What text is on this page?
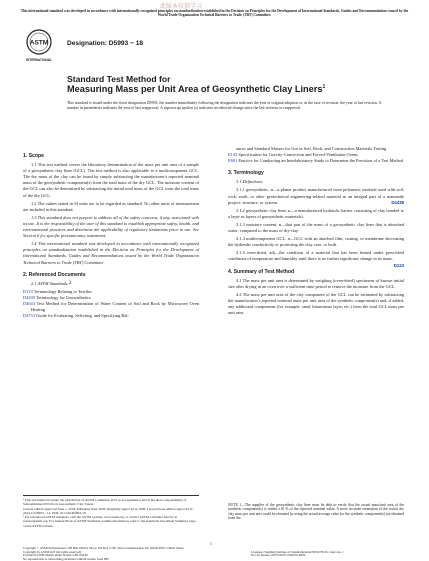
此版本仅供学习
This international standard was developed in accordance with internationally recognized principles on standardization established in the Decision on Principles for the Development of International Standards, Guides and Recommendations issued by the World Trade Organization Technical Barriers to Trade (TBT) Committee.
ASTM
INTERNATIONAL
Designation: D5993 − 18
Standard Test Method for
Measuring Mass per Unit Area of Geosynthetic Clay Liners$^1$
This standard is issued under the fixed designation D5993; the number immediately following the designation indicates the year of original adoption or, in the case of revision, the year of last revision. A number in parentheses indicates the year of last reapproval. A superscript epsilon (ε) indicates an editorial change since the last revision or reapproval.
1. Scope

1.1 This test method covers the laboratory determination of the mass per unit area of a sample of a geosynthetic clay liner (GCL). The test method is also applicable to a multicomponent GCL. The dry mass of the clay can be found by simply subtracting the manufacturer's reported nominal mass of the geosynthetic component(s) from the total mass of the dry GCL. The moisture content of the GCL can also be determined by subtracting the initial total mass of the GCL from the total mass of the dry GCL.

1.2 The values stated in SI units are to be regarded as standard. No other units of measurement are included in this standard.

1.3 This standard does not purport to address all of the safety concerns, if any, associated with its use. It is the responsibility of the user of this standard to establish appropriate safety, health, and environmental practices and determine the applicability of regulatory limitations prior to use. See Section 6 for specific precautionary statements.

1.4 This international standard was developed in accordance with internationally recognized principles on standardization established in the Decision on Principles for the Development of International Standards, Guides and Recommendations issued by the World Trade Organization Technical Barriers to Trade (TBT) Committee.

2. Referenced Documents

2.1 ASTM Standards:2

D123 Terminology Relating to Textiles

D4439 Terminology for Geosynthetics

D4643 Test Method for Determination of Water Content of Soil and Rock by Microwave Oven Heating

D4753 Guide for Evaluating, Selecting, and Specifying Bal-

¹ This test method is under the jurisdiction of ASTM Committee D35 on Geosynthetics and is the direct responsibility of Subcommittee D35.04 on Geosynthetic Clay Liners.
Current edition approved June 1, 2018. Published June 2018. Originally approved in 1996. Last previous edition approved in 2014 as D5993 – 14. DOI: 10.1520/D5993-18.
² For referenced ASTM standards, visit the ASTM website, www.astm.org, or contact ASTM Customer Service at service@astm.org. For Annual Book of ASTM Standards volume information, refer to the standard's Document Summary page on the ASTM website.

ances and Standard Masses for Use in Soil, Rock, and Construction Materials Testing

E145 Specification for Gravity-Convection and Forced-Ventilation Ovens

E691 Practice for Conducting an Interlaboratory Study to Determine the Precision of a Test Method

3. Terminology

3.1 Definitions:

3.1.1 geosynthetic, n—a planar product manufactured from polymeric material used with soil, rock, earth, or other geotechnical engineering-related material as an integral part of a manmade project, structure, or system.	D4439

3.1.2 geosynthetic clay liner, n—a manufactured hydraulic barrier consisting of clay bonded to a layer or layers of geosynthetic materials).

3.1.3 moisture content, n—that part of the mass of a geosynthetic clay liner that is absorbed water, compared to the mass of dry clay.

3.1.4 multicomponent GCL, n—GCL with an attached film, coating, or membrane decreasing the hydraulic conductivity or protecting the clay core, or both.

3.1.5 oven-dried, adj—the condition of a material that has been heated under prescribed conditions of temperature and humidity until there is no further significant change in its mass.
D123

4. Summary of Test Method

4.1 The mass per unit area is determined by weighing (oven-dried) specimens of known initial size after drying in an oven over a sufficient time period to remove the moisture from the GCL.

4.2 The mass per unit area of the clay component of the GCL can be estimated by subtracting the manufacturer's reported nominal mass per unit area of the synthetic component(s) and, if added, any additional components (for example, sand, bituminous layer, etc.) from the total GCL mass per unit area.

NOTE 1—The supplier of the geosynthetic clay liner must be able to verify that the actual mass/unit area of the synthetic component(s) is within ±10 % of the reported nominal value. A more accurate estimation of the actual dry clay mass per unit area could be obtained by using the actual average value for the synthetic component(s) (as obtained from the
1
Copyright © ASTM International, 100 Barr Harbor Drive, PO Box C700, West Conshohocken, PA 19428-2959. United States
Copyright by ASTM Int'l (all rights reserved);
Provided by IHS Markit under license with ASTM
No reproduction or networking permitted without license from IHS
Licensee=Tongling Institute of Standardization/5959179101, User=xx, r
Not for Resale, 06/25/2018 19:09:56 MDT
